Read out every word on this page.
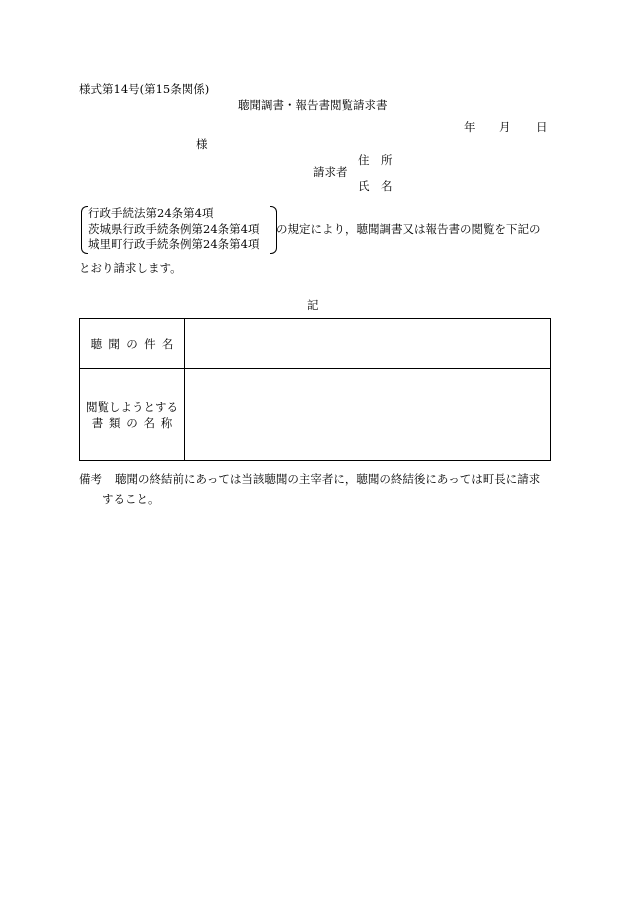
様式第14号(第15条関係)
聴聞調書・報告書閲覧請求書
年 月 日
様
住　所
請求者
氏　名
行政手続法第24条第4項
茨城県行政手続条例第24条第4項
城里町行政手続条例第24条第4項
の規定により，聴聞調書又は報告書の閲覧を下記の
とおり請求します。
記
聴聞の件名	

閲覧しようとする
書類の名称	

備考 聴聞の終結前にあっては当該聴聞の主宰者に，聴聞の終結後にあっては町長に請求
すること。
